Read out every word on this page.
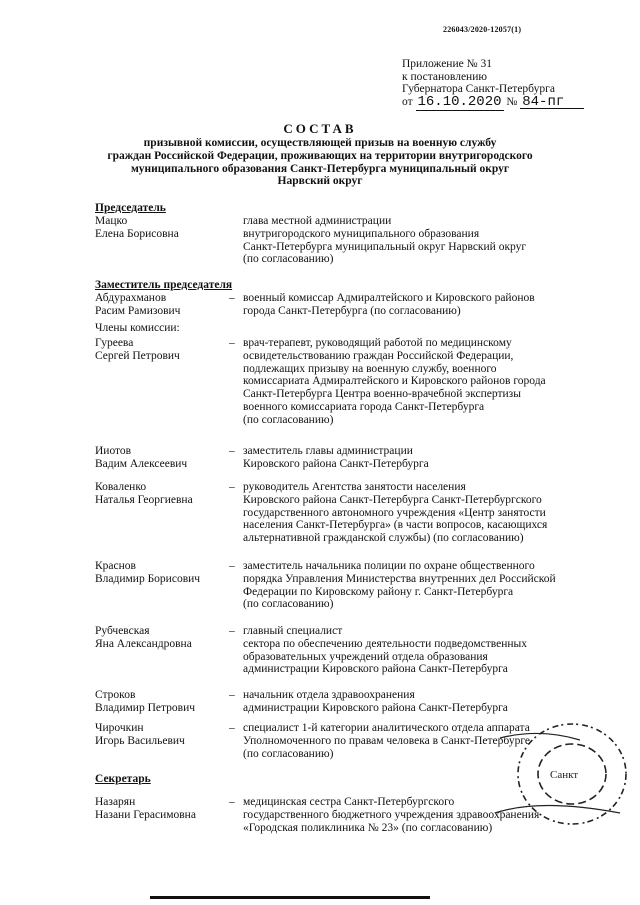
226043/2020-12057(1)
Приложение № 31
к постановлению
Губернатора Санкт-Петербурга
от 16.10.2020 № 84-пг
СОСТАВ
призывной комиссии, осуществляющей призыв на военную службу
граждан Российской Федерации, проживающих на территории внутригородского
муниципального образования Санкт-Петербурга муниципальный округ
Нарвский округ
Председатель
Мацко
Елена Борисовна
глава местной администрации
внутригородского муниципального образования
Санкт-Петербурга муниципальный округ Нарвский округ
(по согласованию)
Заместитель председателя
Абдурахманов
Расим Рамизович
– военный комиссар Адмиралтейского и Кировского районов
города Санкт-Петербурга (по согласованию)
Члены комиссии:
Гуреева
Сергей Петрович
– врач-терапевт, руководящий работой по медицинскому
освидетельствованию граждан Российской Федерации,
подлежащих призыву на военную службу, военного
комиссариата Адмиралтейского и Кировского районов города
Санкт-Петербурга Центра военно-врачебной экспертизы
военного комиссариата города Санкт-Петербурга
(по согласованию)
Ииотов
Вадим Алексеевич
– заместитель главы администрации
Кировского района Санкт-Петербурга
Коваленко
Наталья Георгиевна
– руководитель Агентства занятости населения
Кировского района Санкт-Петербурга Санкт-Петербургского
государственного автономного учреждения «Центр занятости
населения Санкт-Петербурга» (в части вопросов, касающихся
альтернативной гражданской службы) (по согласованию)
Краснов
Владимир Борисович
– заместитель начальника полиции по охране общественного
порядка Управления Министерства внутренних дел Российской
Федерации по Кировскому району г. Санкт-Петербурга
(по согласованию)
Рубчевская
Яна Александровна
– главный специалист
сектора по обеспечению деятельности подведомственных
образовательных учреждений отдела образования
администрации Кировского района Санкт-Петербурга
Строков
Владимир Петрович
– начальник отдела здравоохранения
администрации Кировского района Санкт-Петербурга
Чирочкин
Игорь Васильевич
– специалист 1-й категории аналитического отдела аппарата
Уполномоченного по правам человека в Санкт-Петербурге
(по согласованию)
Секретарь
Назарян
Назани Герасимовна
– медицинская сестра Санкт-Петербургского
государственного бюджетного учреждения здравоохранения
«Городская поликлиника № 23» (по согласованию)
Санкт
